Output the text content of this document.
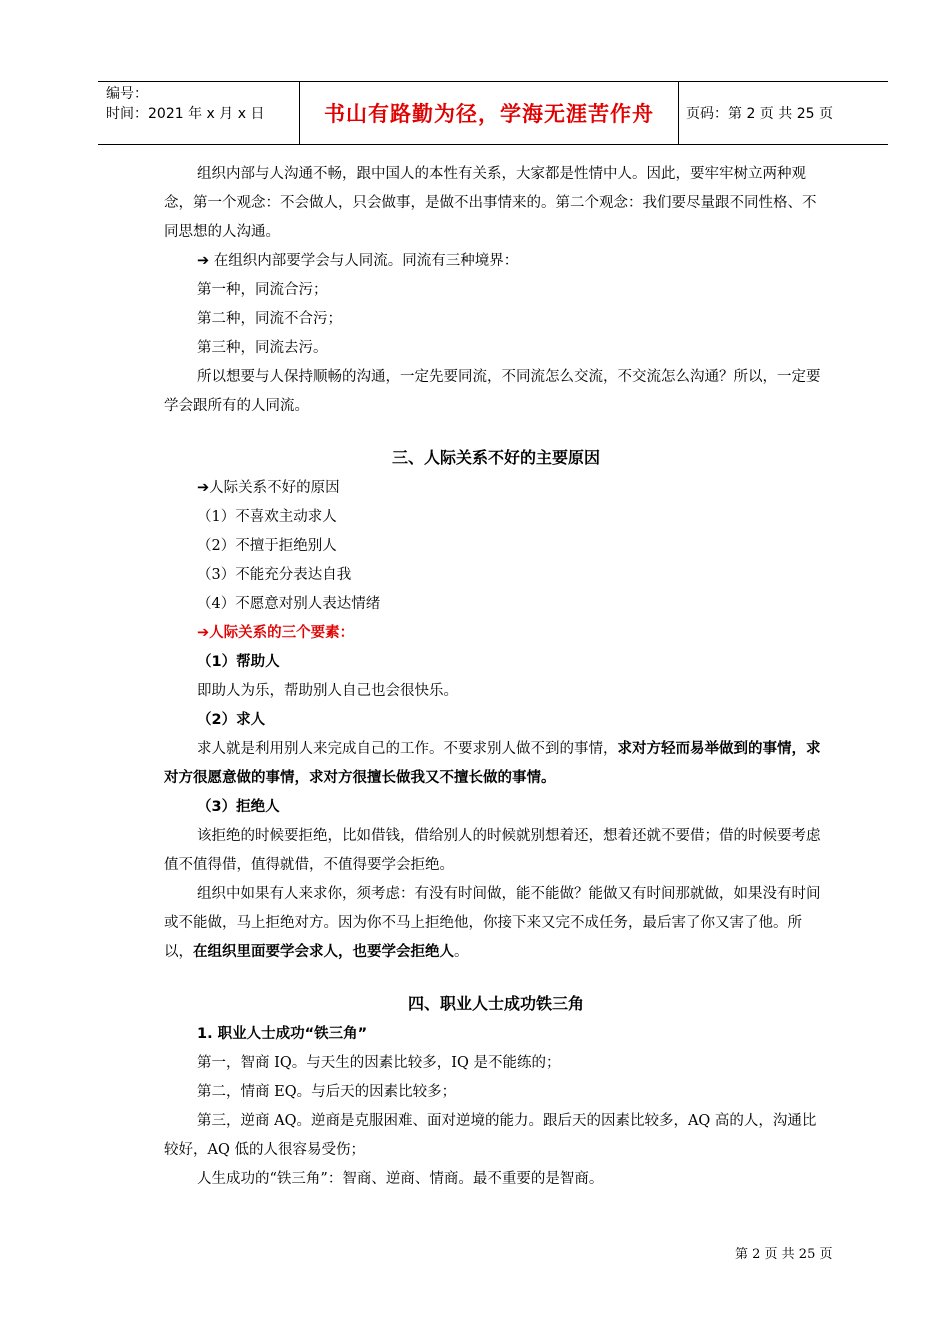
编号：
时间：2021 年 x 月 x 日	书山有路勤为径，学海无涯苦作舟	页码：第 2 页 共 25 页

组织内部与人沟通不畅，跟中国人的本性有关系，大家都是性情中人。因此，要牢牢树立两种观念，第一个观念：不会做人，只会做事，是做不出事情来的。第二个观念：我们要尽量跟不同性格、不同思想的人沟通。

➔ 在组织内部要学会与人同流。同流有三种境界：

第一种，同流合污；

第二种，同流不合污；

第三种，同流去污。

所以想要与人保持顺畅的沟通，一定先要同流，不同流怎么交流，不交流怎么沟通？所以，一定要学会跟所有的人同流。

三、人际关系不好的主要原因

➔人际关系不好的原因

（1）不喜欢主动求人

（2）不擅于拒绝别人

（3）不能充分表达自我

（4）不愿意对别人表达情绪

➔人际关系的三个要素：

（1）帮助人

即助人为乐，帮助别人自己也会很快乐。

（2）求人

求人就是利用别人来完成自己的工作。不要求别人做不到的事情，求对方轻而易举做到的事情，求对方很愿意做的事情，求对方很擅长做我又不擅长做的事情。

（3）拒绝人

该拒绝的时候要拒绝，比如借钱，借给别人的时候就别想着还，想着还就不要借；借的时候要考虑值不值得借，值得就借，不值得要学会拒绝。

组织中如果有人来求你，须考虑：有没有时间做，能不能做？能做又有时间那就做，如果没有时间或不能做，马上拒绝对方。因为你不马上拒绝他，你接下来又完不成任务，最后害了你又害了他。所以，在组织里面要学会求人，也要学会拒绝人。

四、职业人士成功铁三角

1. 职业人士成功“铁三角”

第一，智商 IQ。与天生的因素比较多，IQ 是不能练的；

第二，情商 EQ。与后天的因素比较多；

第三，逆商 AQ。逆商是克服困难、面对逆境的能力。跟后天的因素比较多，AQ 高的人，沟通比较好，AQ 低的人很容易受伤；

人生成功的“铁三角”：智商、逆商、情商。最不重要的是智商。

第 2 页 共 25 页
